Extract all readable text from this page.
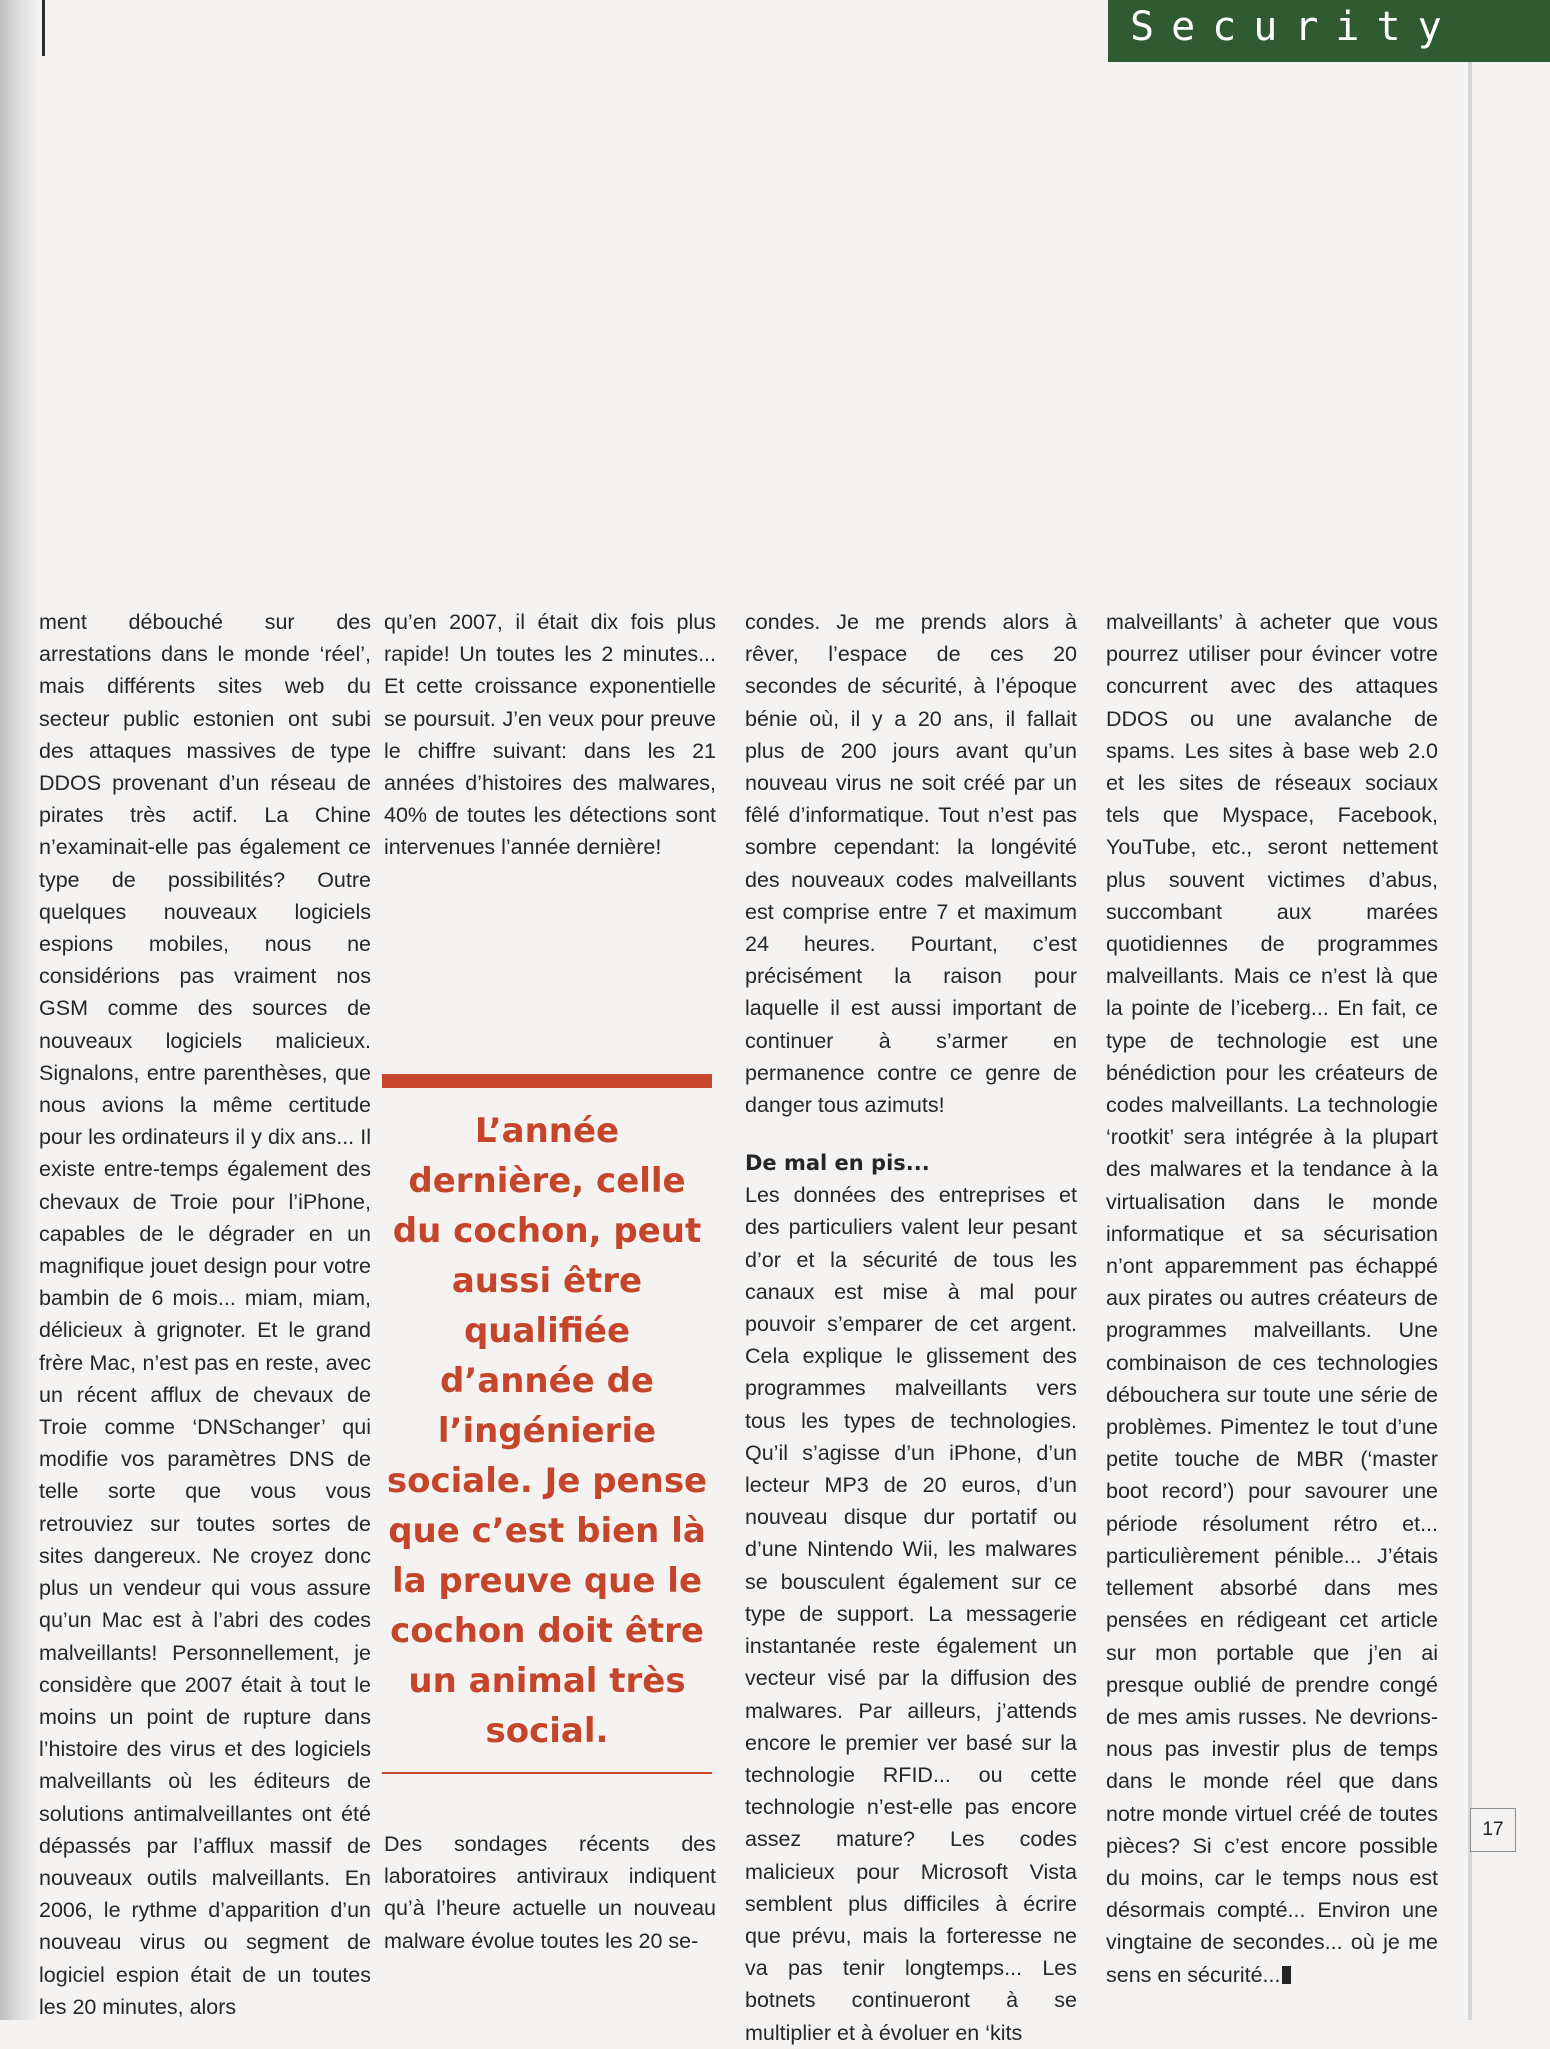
Security

ment débouché sur des arrestations dans le monde ‘réel’, mais différents sites web du secteur public estonien ont subi des attaques massives de type DDOS provenant d’un réseau de pirates très actif. La Chine n’examinait-elle pas également ce type de possibilités? Outre quelques nouveaux logiciels espions mobiles, nous ne considérions pas vraiment nos GSM comme des sources de nouveaux logiciels malicieux. Signalons, entre parenthèses, que nous avions la même certitude pour les ordinateurs il y dix ans... Il existe entre-temps également des chevaux de Troie pour l’iPhone, capables de le dégrader en un magnifique jouet design pour votre bambin de 6 mois... miam, miam, délicieux à grignoter. Et le grand frère Mac, n’est pas en reste, avec un récent afflux de chevaux de Troie comme ‘DNSchanger’ qui modifie vos paramètres DNS de telle sorte que vous vous retrouviez sur toutes sortes de sites dangereux. Ne croyez donc plus un vendeur qui vous assure qu’un Mac est à l’abri des codes malveillants! Personnellement, je considère que 2007 était à tout le moins un point de rupture dans l’histoire des virus et des logiciels malveillants où les éditeurs de solutions antimalveillantes ont été dépassés par l’afflux massif de nouveaux outils malveillants. En 2006, le rythme d’apparition d’un nouveau virus ou segment de logiciel espion était de un toutes les 20 minutes, alors

qu’en 2007, il était dix fois plus rapide! Un toutes les 2 minutes... Et cette croissance exponentielle se poursuit. J’en veux pour preuve le chiffre suivant: dans les 21 années d’histoires des malwares, 40% de toutes les détections sont intervenues l’année dernière!

L’année dernière, celle du cochon, peut aussi être qualifiée d’année de l’ingénierie sociale. Je pense que c’est bien là la preuve que le cochon doit être un animal très social.

Des sondages récents des laboratoires antiviraux indiquent qu’à l’heure actuelle un nouveau malware évolue toutes les 20 se-

condes. Je me prends alors à rêver, l’espace de ces 20 secondes de sécurité, à l’époque bénie où, il y a 20 ans, il fallait plus de 200 jours avant qu’un nouveau virus ne soit créé par un fêlé d’informatique. Tout n’est pas sombre cependant: la longévité des nouveaux codes malveillants est comprise entre 7 et maximum 24 heures. Pourtant, c’est précisément la raison pour laquelle il est aussi important de continuer à s’armer en permanence contre ce genre de danger tous azimuts!

De mal en pis...

Les données des entreprises et des particuliers valent leur pesant d’or et la sécurité de tous les canaux est mise à mal pour pouvoir s’emparer de cet argent. Cela explique le glissement des programmes malveillants vers tous les types de technologies. Qu’il s’agisse d’un iPhone, d’un lecteur MP3 de 20 euros, d’un nouveau disque dur portatif ou d’une Nintendo Wii, les malwares se bousculent également sur ce type de support. La messagerie instantanée reste également un vecteur visé par la diffusion des malwares. Par ailleurs, j’attends encore le premier ver basé sur la technologie RFID... ou cette technologie n’est-elle pas encore assez mature? Les codes malicieux pour Microsoft Vista semblent plus difficiles à écrire que prévu, mais la forteresse ne va pas tenir longtemps... Les botnets continueront à se multiplier et à évoluer en ‘kits

malveillants’ à acheter que vous pourrez utiliser pour évincer votre concurrent avec des attaques DDOS ou une avalanche de spams. Les sites à base web 2.0 et les sites de réseaux sociaux tels que Myspace, Facebook, YouTube, etc., seront nettement plus souvent victimes d’abus, succombant aux marées quotidiennes de programmes malveillants. Mais ce n’est là que la pointe de l’iceberg... En fait, ce type de technologie est une bénédiction pour les créateurs de codes malveillants. La technologie ‘rootkit’ sera intégrée à la plupart des malwares et la tendance à la virtualisation dans le monde informatique et sa sécurisation n’ont apparemment pas échappé aux pirates ou autres créateurs de programmes malveillants. Une combinaison de ces technologies débouchera sur toute une série de problèmes. Pimentez le tout d’une petite touche de MBR (‘master boot record’) pour savourer une période résolument rétro et... particulièrement pénible... J’étais tellement absorbé dans mes pensées en rédigeant cet article sur mon portable que j’en ai presque oublié de prendre congé de mes amis russes. Ne devrions-nous pas investir plus de temps dans le monde réel que dans notre monde virtuel créé de toutes pièces? Si c’est encore possible du moins, car le temps nous est désormais compté... Environ une vingtaine de secondes... où je me sens en sécurité...

17
